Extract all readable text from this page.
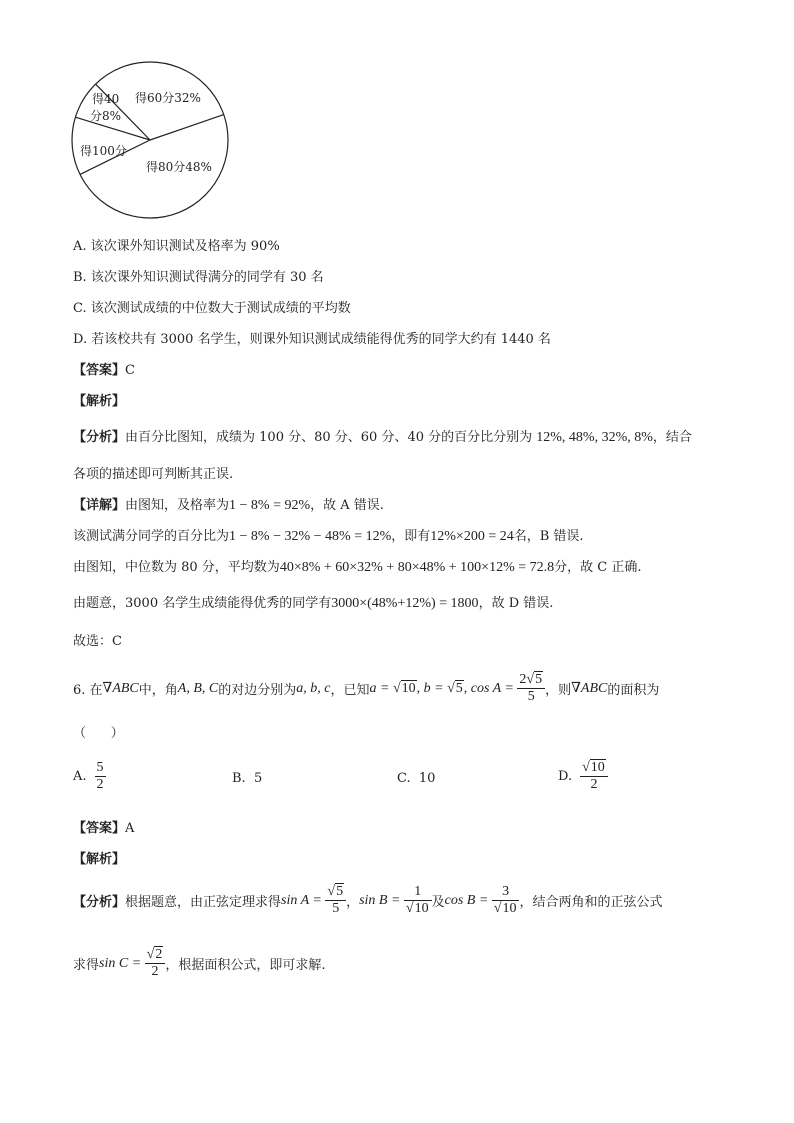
得60分32%
得40
分8%
得100分
得80分48%
A. 该次课外知识测试及格率为 90%
B. 该次课外知识测试得满分的同学有 30 名
C. 该次测试成绩的中位数大于测试成绩的平均数
D. 若该校共有 3000 名学生，则课外知识测试成绩能得优秀的同学大约有 1440 名
【答案】C
【解析】
【分析】由百分比图知，成绩为 100 分、80 分、60 分、40 分的百分比分别为 12%, 48%, 32%, 8%，结合
各项的描述即可判断其正误.
【详解】由图知，及格率为1 − 8% = 92%，故 A 错误.
该测试满分同学的百分比为1 − 8% − 32% − 48% = 12%，即有12%×200 = 24名，B 错误.
由图知，中位数为 80 分，平均数为40×8% + 60×32% + 80×48% + 100×12% = 72.8分，故 C 正确.
由题意，3000 名学生成绩能得优秀的同学有3000×(48%+12%) = 1800，故 D 错误.
故选：C
6. 在 ∇ABC 中，角 A, B, C 的对边分别为 a, b, c ，已知 a = √10 , b = √5 , $\cos A = \frac{2√5}{5}$ ，则 ∇ABC 的面积为
（      ）
A. $\frac{5}{2}$	B.  5	C.  10	D. $\frac{√10}{2}$
【答案】A
【解析】
【分析】 根据题意，由正弦定理求得 $\sin A = \frac{√5}{5}$ ， $\sin B = \frac{1}{√10}$ 及 $\cos B = \frac{3}{√10}$ ，结合两角和的正弦公式
求得 $\sin C = \frac{√2}{2}$ ，根据面积公式，即可求解.
